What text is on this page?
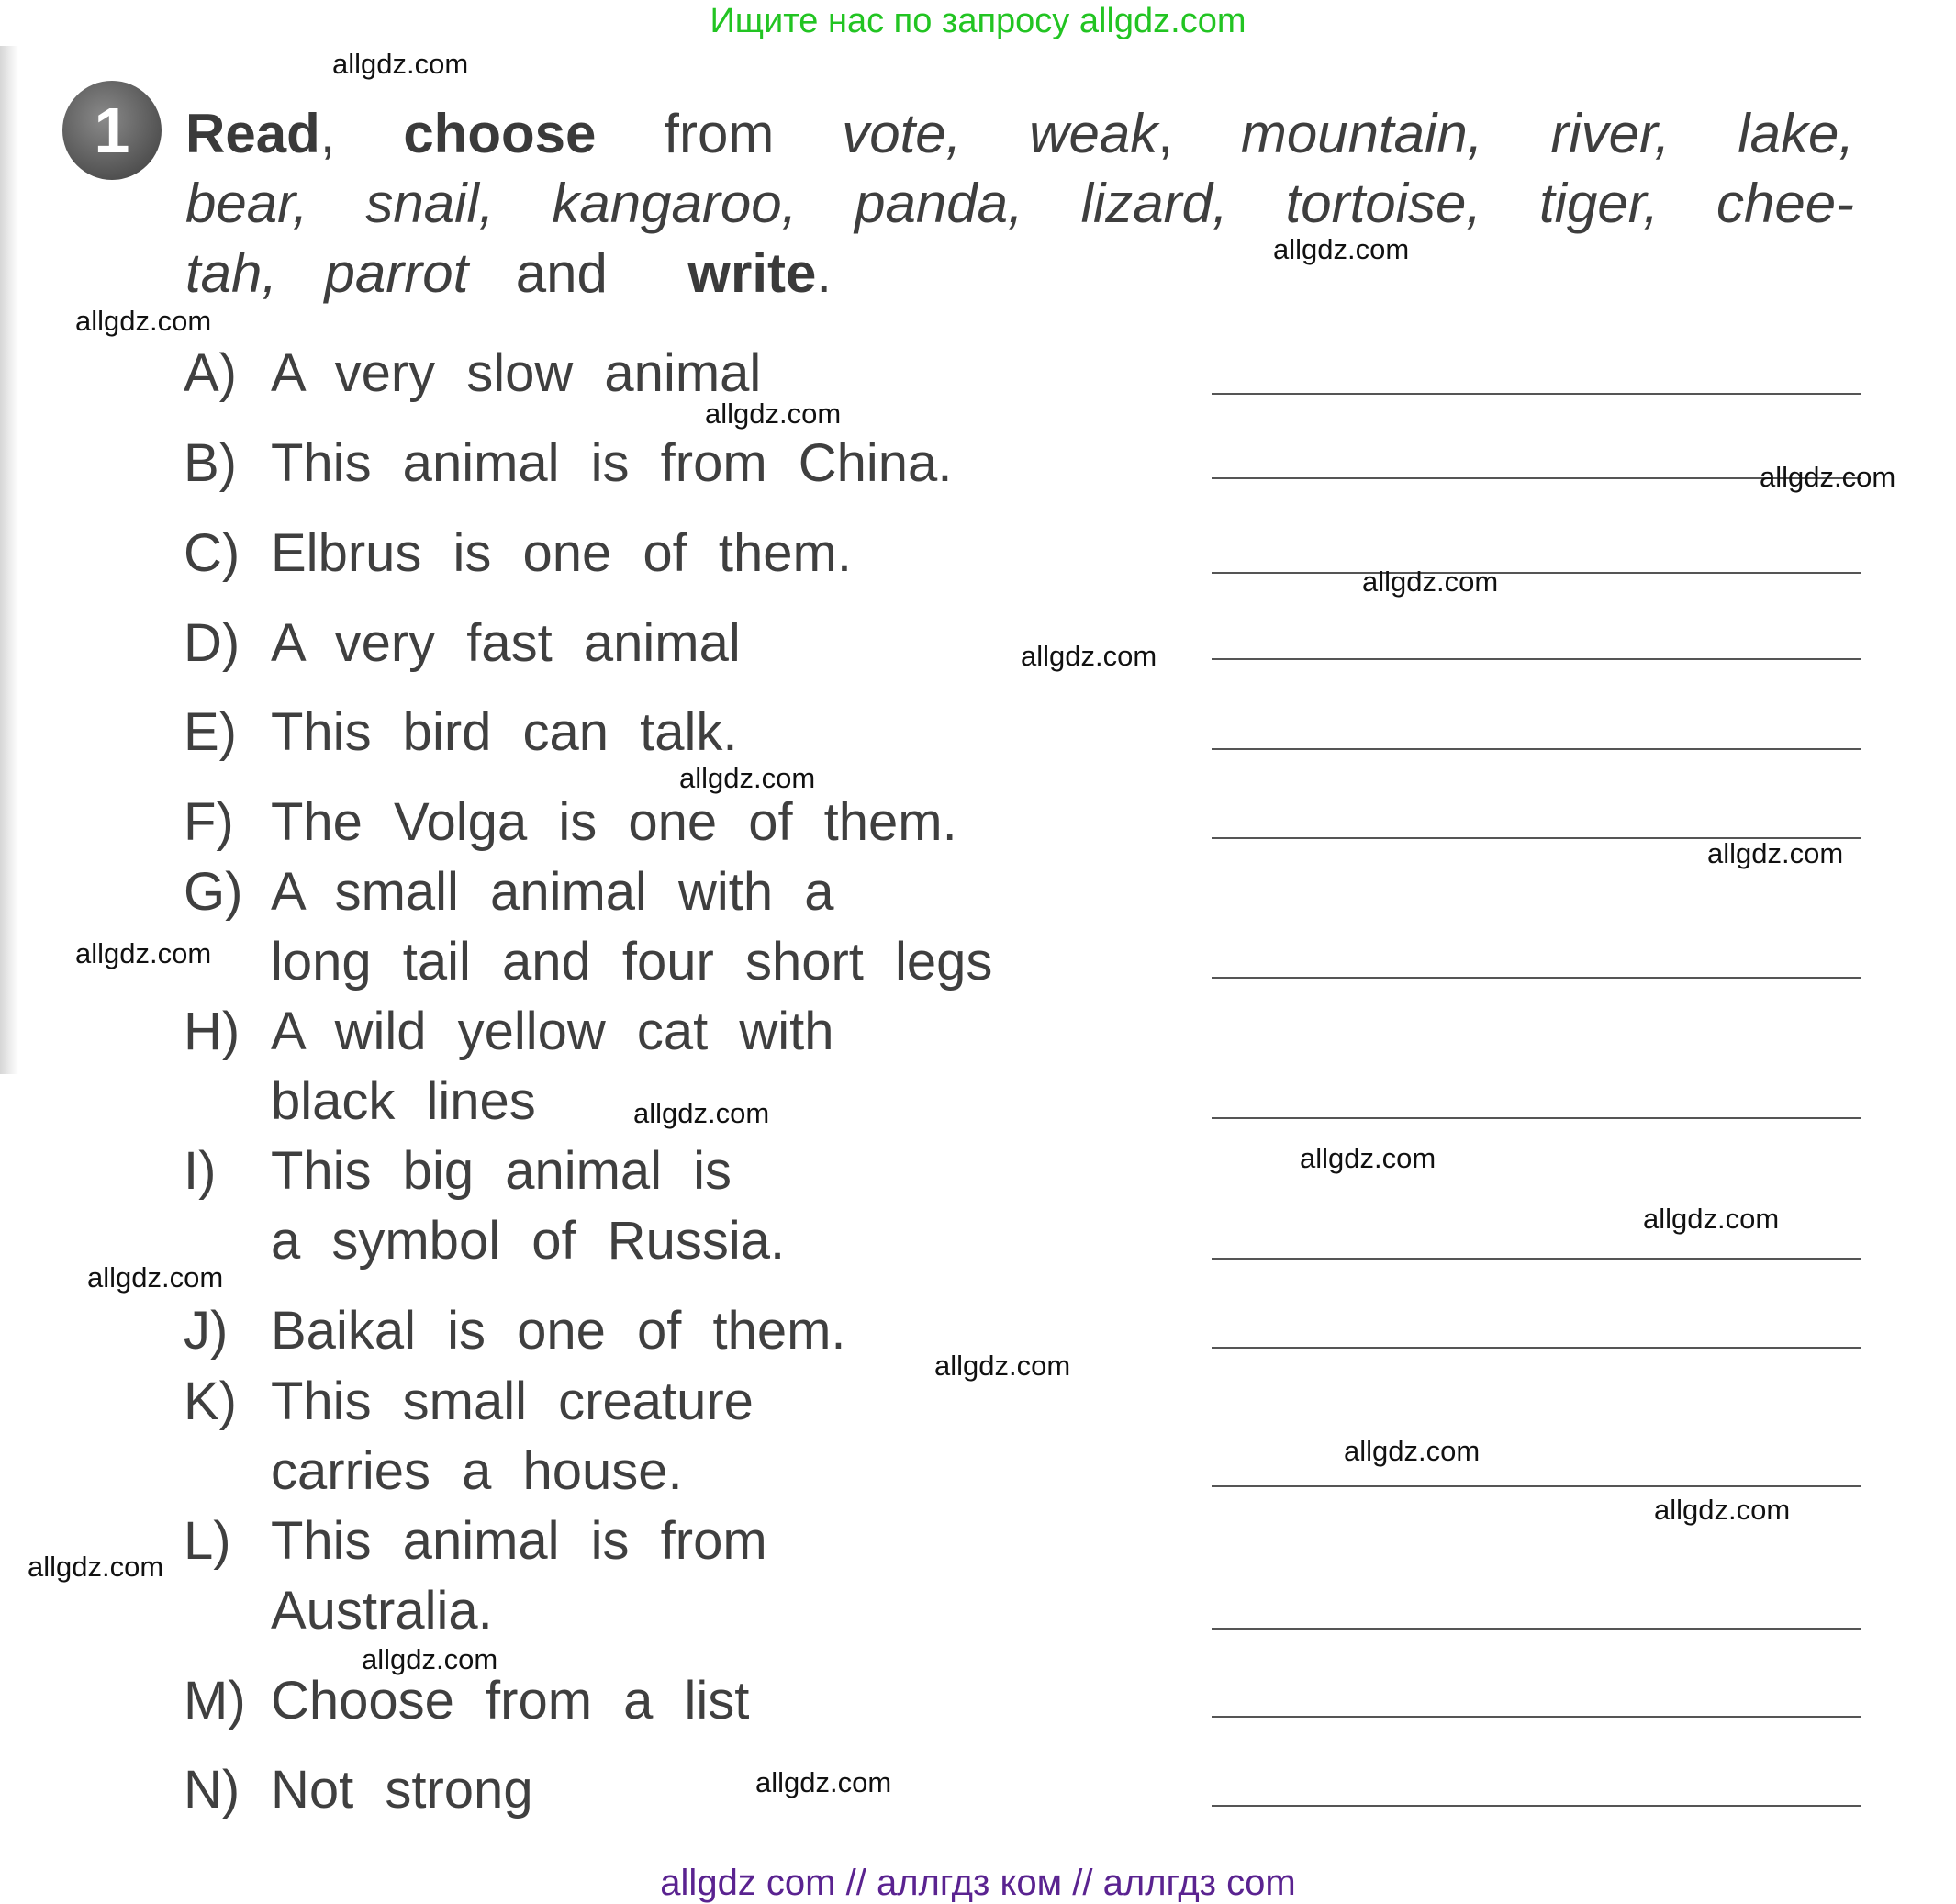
Ищите нас по запросу allgdz.com
1	Read, choose from vote, weak, mountain, river, lake,
bear, snail, kangaroo, panda, lizard, tortoise, tiger, chee-
tah, parrot and write.
A) A very slow animal
B) This animal is from China.
C) Elbrus is one of them.
D) A very fast animal
E) This bird can talk.
F) The Volga is one of them.
G) A small animal with a
long tail and four short legs
H) A wild yellow cat with
black lines
I) This big animal is
a symbol of Russia.
J) Baikal is one of them.
K) This small creature
carries a house.
L) This animal is from
Australia.
M) Choose from a list
N) Not strong
allgdz.com
allgdz.com
allgdz.com
allgdz.com
allgdz.com
allgdz.com
allgdz.com
allgdz.com
allgdz.com
allgdz.com
allgdz.com
allgdz.com
allgdz.com
allgdz.com
allgdz.com
allgdz.com
allgdz.com
allgdz.com
allgdz.com
allgdz.com
allgdz com // аллгдз ком // аллгдз com
